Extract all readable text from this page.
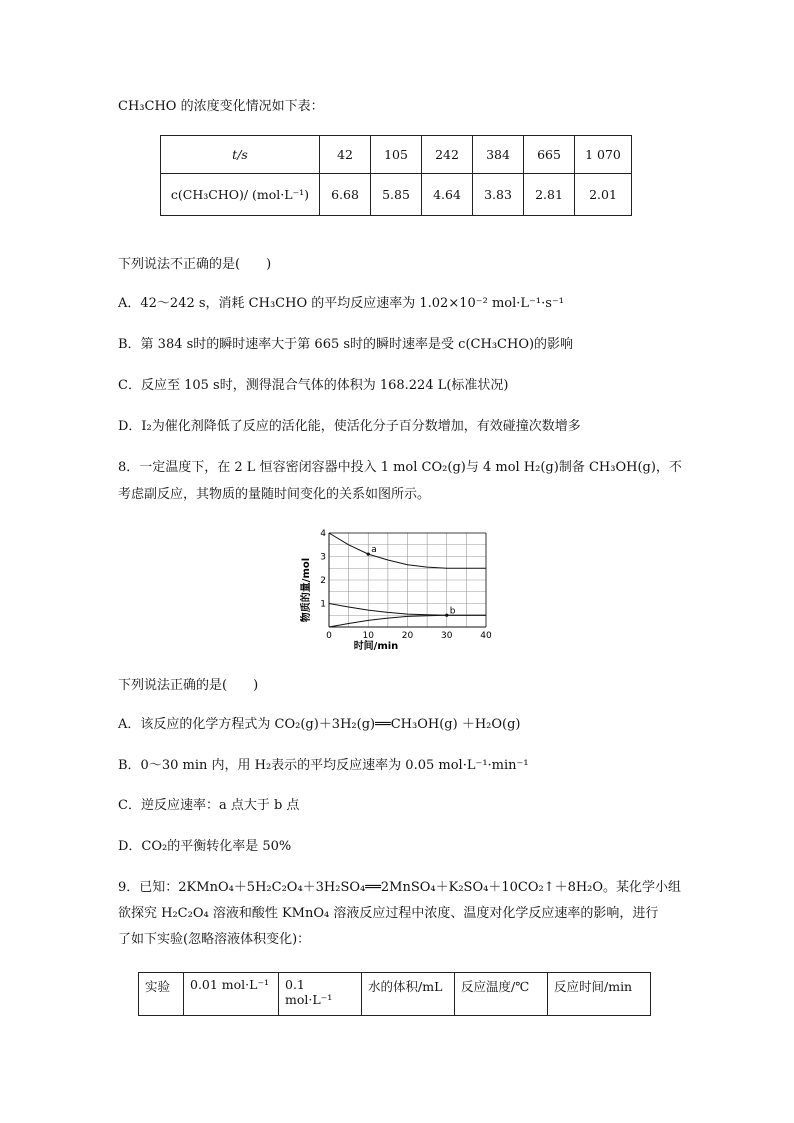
CH₃CHO 的浓度变化情况如下表：
t/s	42	105	242	384	665	1 070
c(CH₃CHO)/ (mol·L⁻¹)	6.68	5.85	4.64	3.83	2.81	2.01
下列说法不正确的是(　　)
A．42～242 s，消耗 CH₃CHO 的平均反应速率为 1.02×10⁻² mol·L⁻¹·s⁻¹
B．第 384 s时的瞬时速率大于第 665 s时的瞬时速率是受 c(CH₃CHO)的影响
C．反应至 105 s时，测得混合气体的体积为 168.224 L(标准状况)
D．I₂为催化剂降低了反应的活化能，使活化分子百分数增加，有效碰撞次数增多
8．一定温度下，在 2 L 恒容密闭容器中投入 1 mol CO₂(g)与 4 mol H₂(g)制备 CH₃OH(g)，不
考虑副反应，其物质的量随时间变化的关系如图所示。
0	10	20	30	40
1
2
3
4
a
b
时间/min
物质的量/mol
下列说法正确的是(　　)
A．该反应的化学方程式为 CO₂(g)＋3H₂(g)══CH₃OH(g) ＋H₂O(g)
B．0～30 min 内，用 H₂表示的平均反应速率为 0.05 mol·L⁻¹·min⁻¹
C．逆反应速率：a 点大于 b 点
D．CO₂的平衡转化率是 50%
9．已知：2KMnO₄＋5H₂C₂O₄＋3H₂SO₄══2MnSO₄＋K₂SO₄＋10CO₂↑＋8H₂O。某化学小组
欲探究 H₂C₂O₄ 溶液和酸性 KMnO₄ 溶液反应过程中浓度、温度对化学反应速率的影响，进行
了如下实验(忽略溶液体积变化)：
实验	0.01 mol·L⁻¹	0.1 mol·L⁻¹	水的体积/mL	反应温度/℃	反应时间/min
